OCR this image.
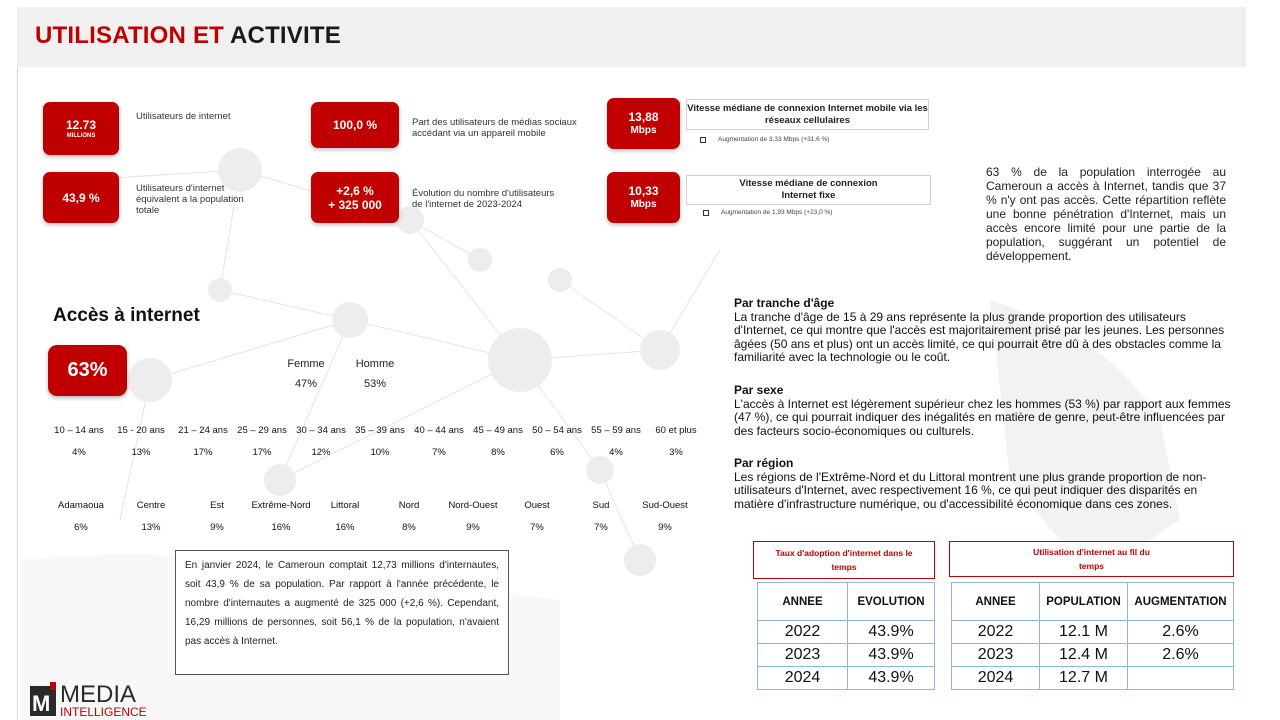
UTILISATION ET ACTIVITE
12.73
MILLIONS
Utilisateurs de internet
43,9 %
Utilisateurs d'internet équivalent a la population totale
100,0 %	Part des utilisateurs de médias sociaux accédant via un appareil mobile
+2,6 %
+ 325 000
Évolution du nombre d'utilisateurs de l'internet de 2023-2024
13,88
Mbps
Vitesse médiane de connexion Internet mobile via les réseaux cellulaires
Augmentation de 3,33 Mbps (+31,6 %)
10,33
Mbps
Vitesse médiane de connexion Internet fixe
Augmentation de 1,93 Mbps (+23,0 %)
63 % de la population interrogée au Cameroun a accès à Internet, tandis que 37 % n'y ont pas accès. Cette répartition reflète une bonne pénétration d'Internet, mais un accès encore limité pour une partie de la population, suggérant un potentiel de développement.
Accès à internet
63%	Femme
47%
Homme
53%
10 – 14 ans
4%
15 - 20 ans
13%
21 – 24 ans
17%
25 – 29 ans
17%
30 – 34 ans
12%
35 – 39 ans
10%
40 – 44 ans
7%
45 – 49 ans
8%
50 – 54 ans
6%
55 – 59 ans
4%
60 et plus
3%
Adamaoua
6%
Centre
13%
Est
9%
Extrême-Nord
16%
Littoral
16%
Nord
8%
Nord-Ouest
9%
Ouest
7%
Sud
7%
Sud-Ouest
9%
En janvier 2024, le Cameroun comptait 12,73 millions d'internautes, soit 43,9 % de sa population. Par rapport à l'année précédente, le nombre d'internautes a augmenté de 325 000 (+2,6 %). Cependant, 16,29 millions de personnes, soit 56,1 % de la population, n'avaient pas accès à Internet.
M MEDIA
INTELLIGENCE
Par tranche d'âge
La tranche d'âge de 15 à 29 ans représente la plus grande proportion des utilisateurs d'Internet, ce qui montre que l'accès est majoritairement prisé par les jeunes. Les personnes âgées (50 ans et plus) ont un accès limité, ce qui pourrait être dû à des obstacles comme la familiarité avec la technologie ou le coût.
Par sexe
L'accès à Internet est légèrement supérieur chez les hommes (53 %) par rapport aux femmes (47 %), ce qui pourrait indiquer des inégalités en matière de genre, peut-être influencées par des facteurs socio-économiques ou culturels.
Par région
Les régions de l'Extrême-Nord et du Littoral montrent une plus grande proportion de non-utilisateurs d'Internet, avec respectivement 16 %, ce qui peut indiquer des disparités en matière d'infrastructure numérique, ou d'accessibilité économique dans ces zones.
Taux d'adoption d'internet dans le temps
ANNEE	EVOLUTION
2022	43.9%
2023	43.9%
2024	43.9%
Utilisation d'internet au fil du temps
ANNEE	POPULATION	AUGMENTATION
2022	12.1 M	2.6%
2023	12.4 M	2.6%
2024	12.7 M	
